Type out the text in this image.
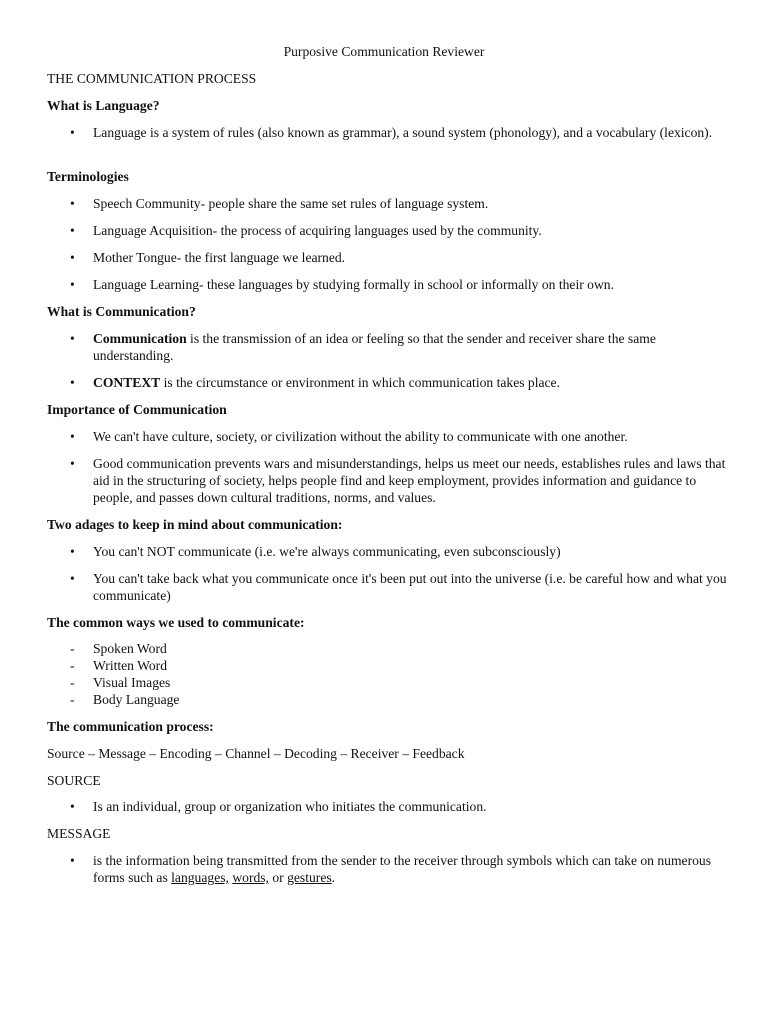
Purposive Communication Reviewer

THE COMMUNICATION PROCESS

What is Language?

•	Language is a system of rules (also known as grammar), a sound system (phonology), and a vocabulary (lexicon).

Terminologies

•	Speech Community- people share the same set rules of language system.

•	Language Acquisition- the process of acquiring languages used by the community.

•	Mother Tongue- the first language we learned.

•	Language Learning- these languages by studying formally in school or informally on their own.

What is Communication?

•	Communication is the transmission of an idea or feeling so that the sender and receiver share the same understanding.

•	CONTEXT is the circumstance or environment in which communication takes place.

Importance of Communication

•	We can't have culture, society, or civilization without the ability to communicate with one another.

•	Good communication prevents wars and misunderstandings, helps us meet our needs, establishes rules and laws that aid in the structuring of society, helps people find and keep employment, provides information and guidance to people, and passes down cultural traditions, norms, and values.

Two adages to keep in mind about communication:

•	You can't NOT communicate (i.e. we're always communicating, even subconsciously)

•	You can't take back what you communicate once it's been put out into the universe (i.e. be careful how and what you communicate)

The common ways we used to communicate:

- Spoken Word

- Written Word

- Visual Images

- Body Language

The communication process:

Source – Message – Encoding – Channel – Decoding – Receiver – Feedback

SOURCE

•	Is an individual, group or organization who initiates the communication.

MESSAGE

•	is the information being transmitted from the sender to the receiver through symbols which can take on numerous forms such as languages, words, or gestures.
